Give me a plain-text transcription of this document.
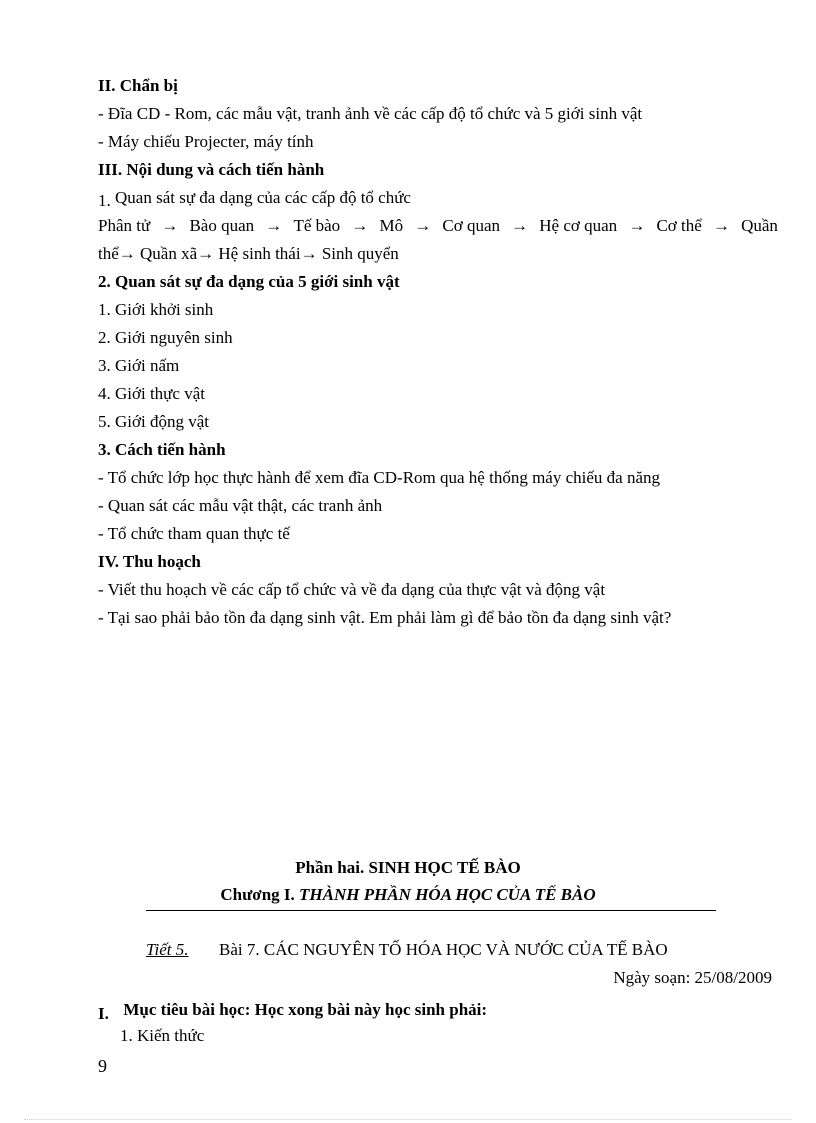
II. Chẩn bị
- Đĩa CD - Rom, các mẫu vật, tranh ảnh về các cấp độ tổ chức và 5 giới sinh vật
- Máy chiếu Projecter, máy tính
III. Nội dung và cách tiến hành
1. Quan sát sự đa dạng của các cấp độ tổ chức
Phân tử → Bào quan → Tế bào → Mô → Cơ quan → Hệ cơ quan → Cơ thể → Quần
thể→ Quần xã→ Hệ sinh thái→ Sinh quyển
2. Quan sát sự đa dạng của 5 giới sinh vật
1. Giới khởi sinh
2. Giới nguyên sinh
3. Giới nấm
4. Giới thực vật
5. Giới động vật
3. Cách tiến hành
- Tổ chức lớp học thực hành để xem đĩa CD-Rom qua hệ thống máy chiếu đa năng
- Quan sát các mẫu vật thật, các tranh ảnh
- Tổ chức tham quan thực tế
IV. Thu hoạch
- Viết thu hoạch về các cấp tổ chức và về đa dạng của thực vật và động vật
- Tại sao phải bảo tồn đa dạng sinh vật. Em phải làm gì để bảo tồn đa dạng sinh vật?
Phần hai. SINH HỌC TẾ BÀO
Chương I. THÀNH PHẦN HÓA HỌC CỦA TẾ BÀO
Tiết 5. Bài 7. CÁC NGUYÊN TỐ HÓA HỌC VÀ NƯỚC CỦA TẾ BÀO
Ngày soạn: 25/08/2009
I. Mục tiêu bài học: Học xong bài này học sinh phải:
1. Kiến thức
9
